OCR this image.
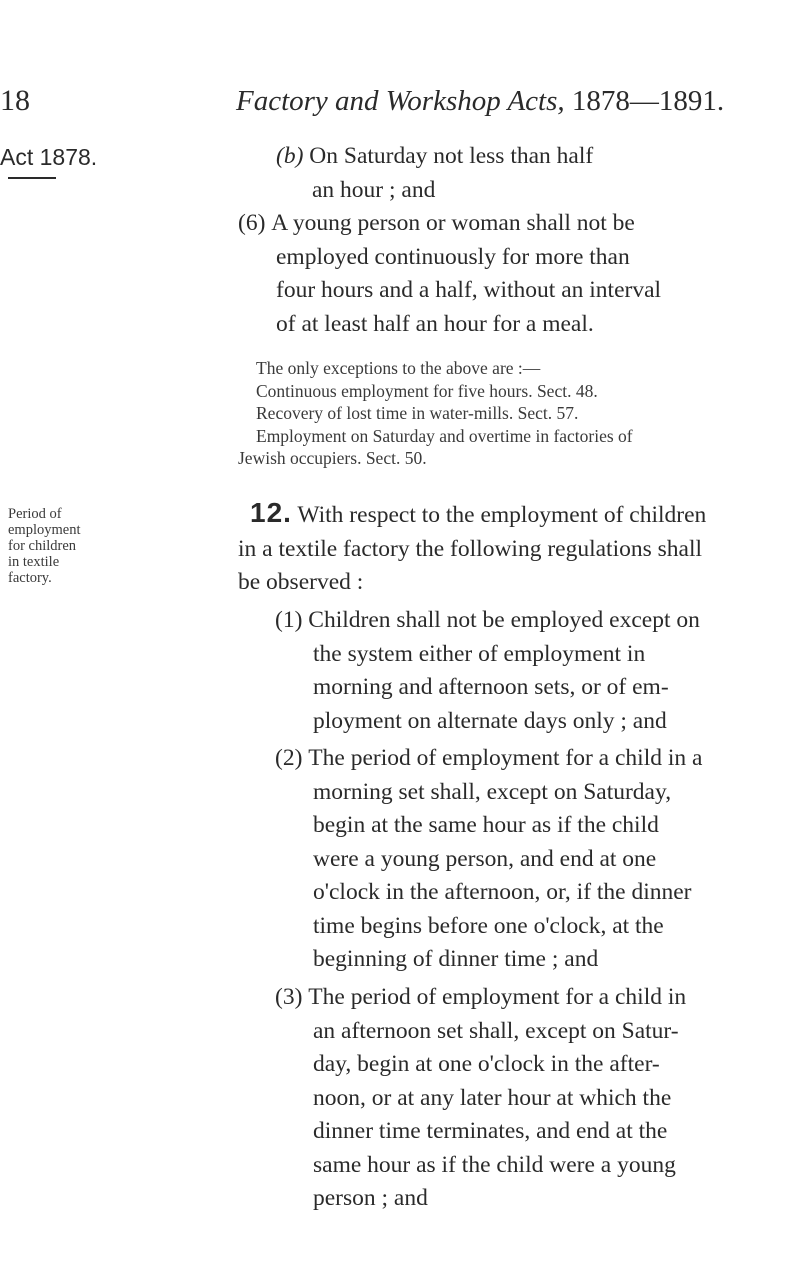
18	Factory and Workshop Acts, 1878—1891.
Act 1878.	(b) On Saturday not less than half
an hour ; and
(6) A young person or woman shall not be
employed continuously for more than
four hours and a half, without an interval
of at least half an hour for a meal.
The only exceptions to the above are :—
Continuous employment for five hours. Sect. 48.
Recovery of lost time in water-mills. Sect. 57.
Employment on Saturday and overtime in factories of
Jewish occupiers. Sect. 50.
Period of
employment
for children
in textile
factory.
12. With respect to the employment of children
in a textile factory the following regulations shall
be observed :
(1) Children shall not be employed except on
the system either of employment in
morning and afternoon sets, or of em-
ployment on alternate days only ; and
(2) The period of employment for a child in a
morning set shall, except on Saturday,
begin at the same hour as if the child
were a young person, and end at one
o'clock in the afternoon, or, if the dinner
time begins before one o'clock, at the
beginning of dinner time ; and
(3) The period of employment for a child in
an afternoon set shall, except on Satur-
day, begin at one o'clock in the after-
noon, or at any later hour at which the
dinner time terminates, and end at the
same hour as if the child were a young
person ; and
